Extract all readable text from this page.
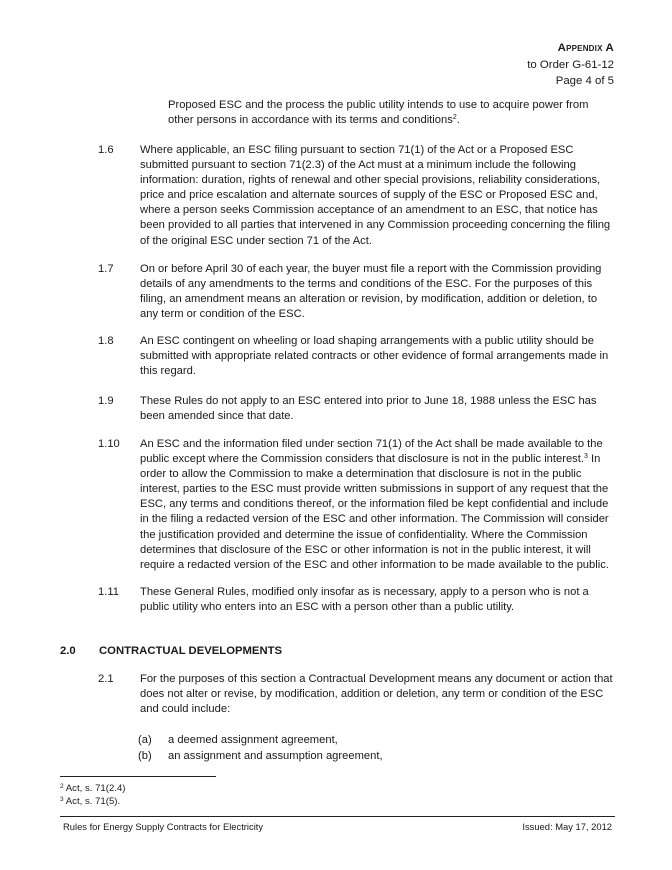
Appendix A
to Order G-61-12
Page 4 of 5
Proposed ESC and the process the public utility intends to use to acquire power from other persons in accordance with its terms and conditions$^2$.
1.6 Where applicable, an ESC filing pursuant to section 71(1) of the Act or a Proposed ESC submitted pursuant to section 71(2.3) of the Act must at a minimum include the following information: duration, rights of renewal and other special provisions, reliability considerations, price and price escalation and alternate sources of supply of the ESC or Proposed ESC and, where a person seeks Commission acceptance of an amendment to an ESC, that notice has been provided to all parties that intervened in any Commission proceeding concerning the filing of the original ESC under section 71 of the Act.
1.7 On or before April 30 of each year, the buyer must file a report with the Commission providing details of any amendments to the terms and conditions of the ESC. For the purposes of this filing, an amendment means an alteration or revision, by modification, addition or deletion, to any term or condition of the ESC.
1.8 An ESC contingent on wheeling or load shaping arrangements with a public utility should be submitted with appropriate related contracts or other evidence of formal arrangements made in this regard.
1.9 These Rules do not apply to an ESC entered into prior to June 18, 1988 unless the ESC has been amended since that date.
1.10 An ESC and the information filed under section 71(1) of the Act shall be made available to the public except where the Commission considers that disclosure is not in the public interest.$^3$ In order to allow the Commission to make a determination that disclosure is not in the public interest, parties to the ESC must provide written submissions in support of any request that the ESC, any terms and conditions thereof, or the information filed be kept confidential and include in the filing a redacted version of the ESC and other information. The Commission will consider the justification provided and determine the issue of confidentiality. Where the Commission determines that disclosure of the ESC or other information is not in the public interest, it will require a redacted version of the ESC and other information to be made available to the public.
1.11 These General Rules, modified only insofar as is necessary, apply to a person who is not a public utility who enters into an ESC with a person other than a public utility.
2.0 CONTRACTUAL DEVELOPMENTS
2.1 For the purposes of this section a Contractual Development means any document or action that does not alter or revise, by modification, addition or deletion, any term or condition of the ESC and could include:
(a) a deemed assignment agreement,
(b) an assignment and assumption agreement,
$^2$ Act, s. 71(2.4)
$^3$ Act, s. 71(5).
Rules for Energy Supply Contracts for Electricity	Issued: May 17, 2012
